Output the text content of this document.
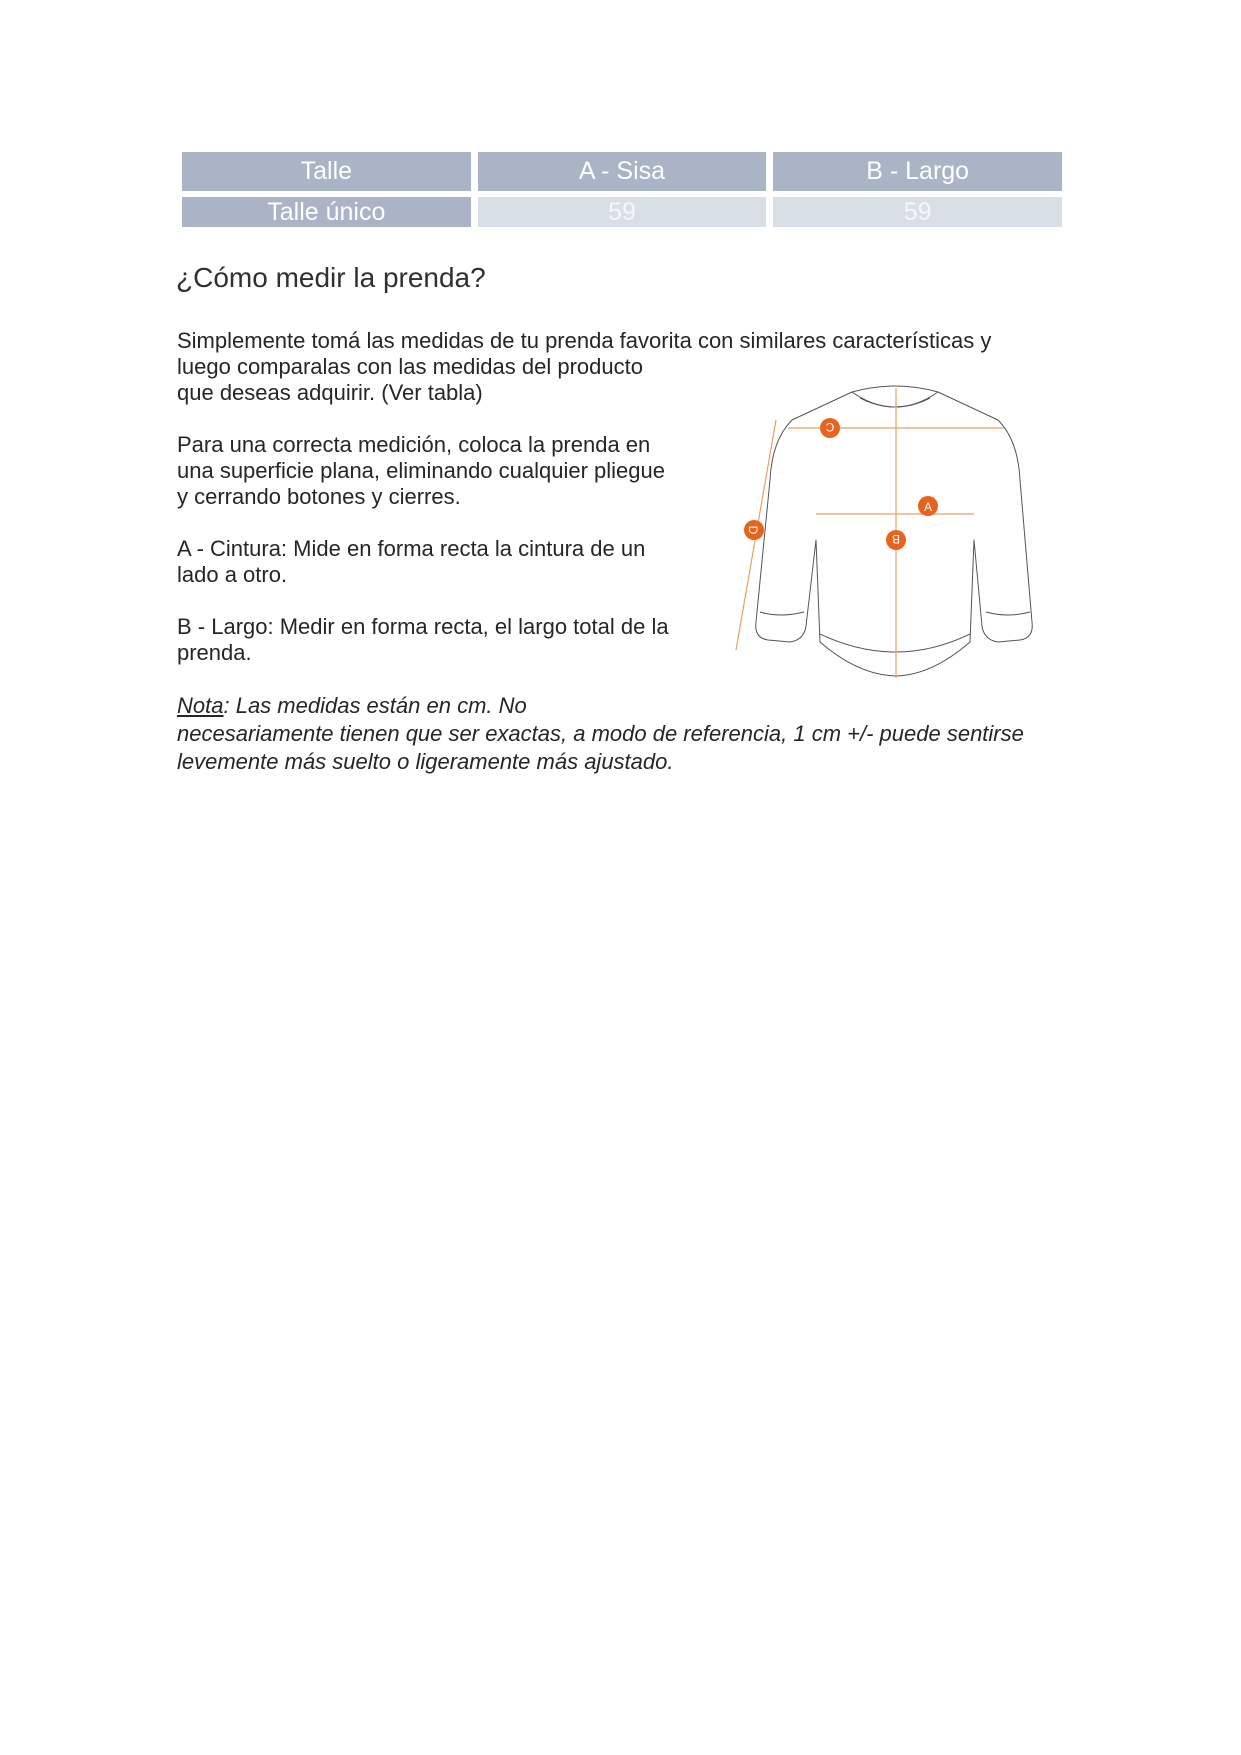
Talle	A - Sisa	B - Largo
Talle único	59	59
¿Cómo medir la prenda?

Simplemente tomá las medidas de tu prenda favorita con similares características y
luego comparalas con las medidas del producto
que deseas adquirir. (Ver tabla)

Para una correcta medición, coloca la prenda en
una superficie plana, eliminando cualquier pliegue
y cerrando botones y cierres.

A - Cintura: Mide en forma recta la cintura de un
lado a otro.

B - Largo: Medir en forma recta, el largo total de la
prenda.

Nota: Las medidas están en cm. No
necesariamente tienen que ser exactas, a modo de referencia, 1 cm +/- puede sentirse
levemente más suelto o ligeramente más ajustado.

C
A
B
D
